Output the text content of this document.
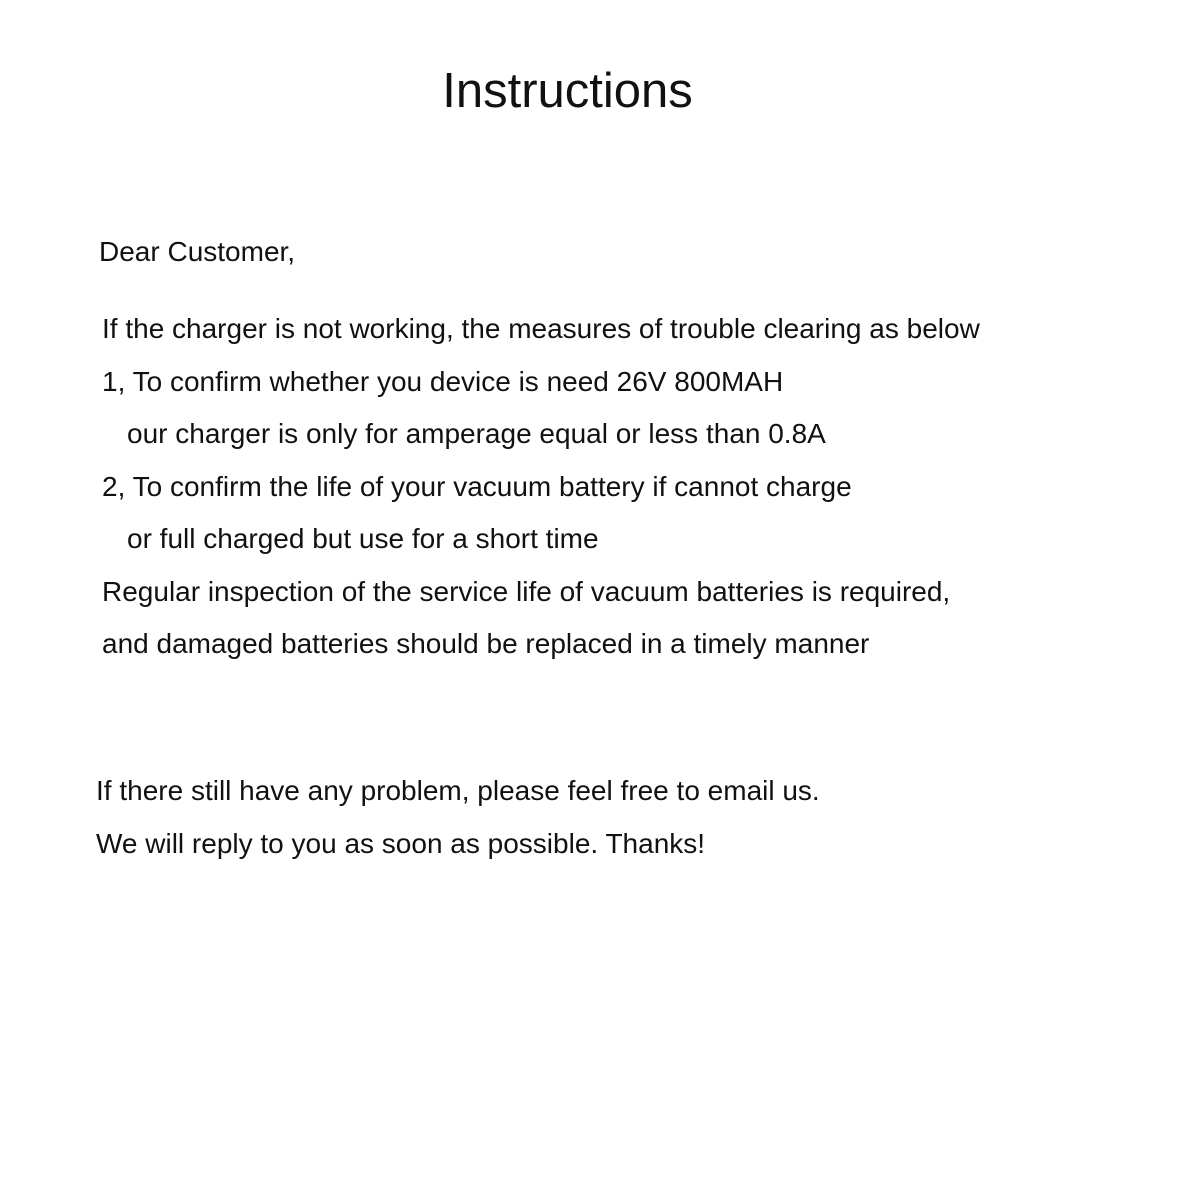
Instructions
Dear Customer,
If the charger is not working, the measures of trouble clearing as below
1, To confirm whether you device is need 26V 800MAH
our charger is only for amperage equal or less than 0.8A
2, To confirm the life of your vacuum battery if cannot charge
or full charged but use for a short time
Regular inspection of the service life of vacuum batteries is required,
and damaged batteries should be replaced in a timely manner
If there still have any problem, please feel free to email us.
We will reply to you as soon as possible. Thanks!
